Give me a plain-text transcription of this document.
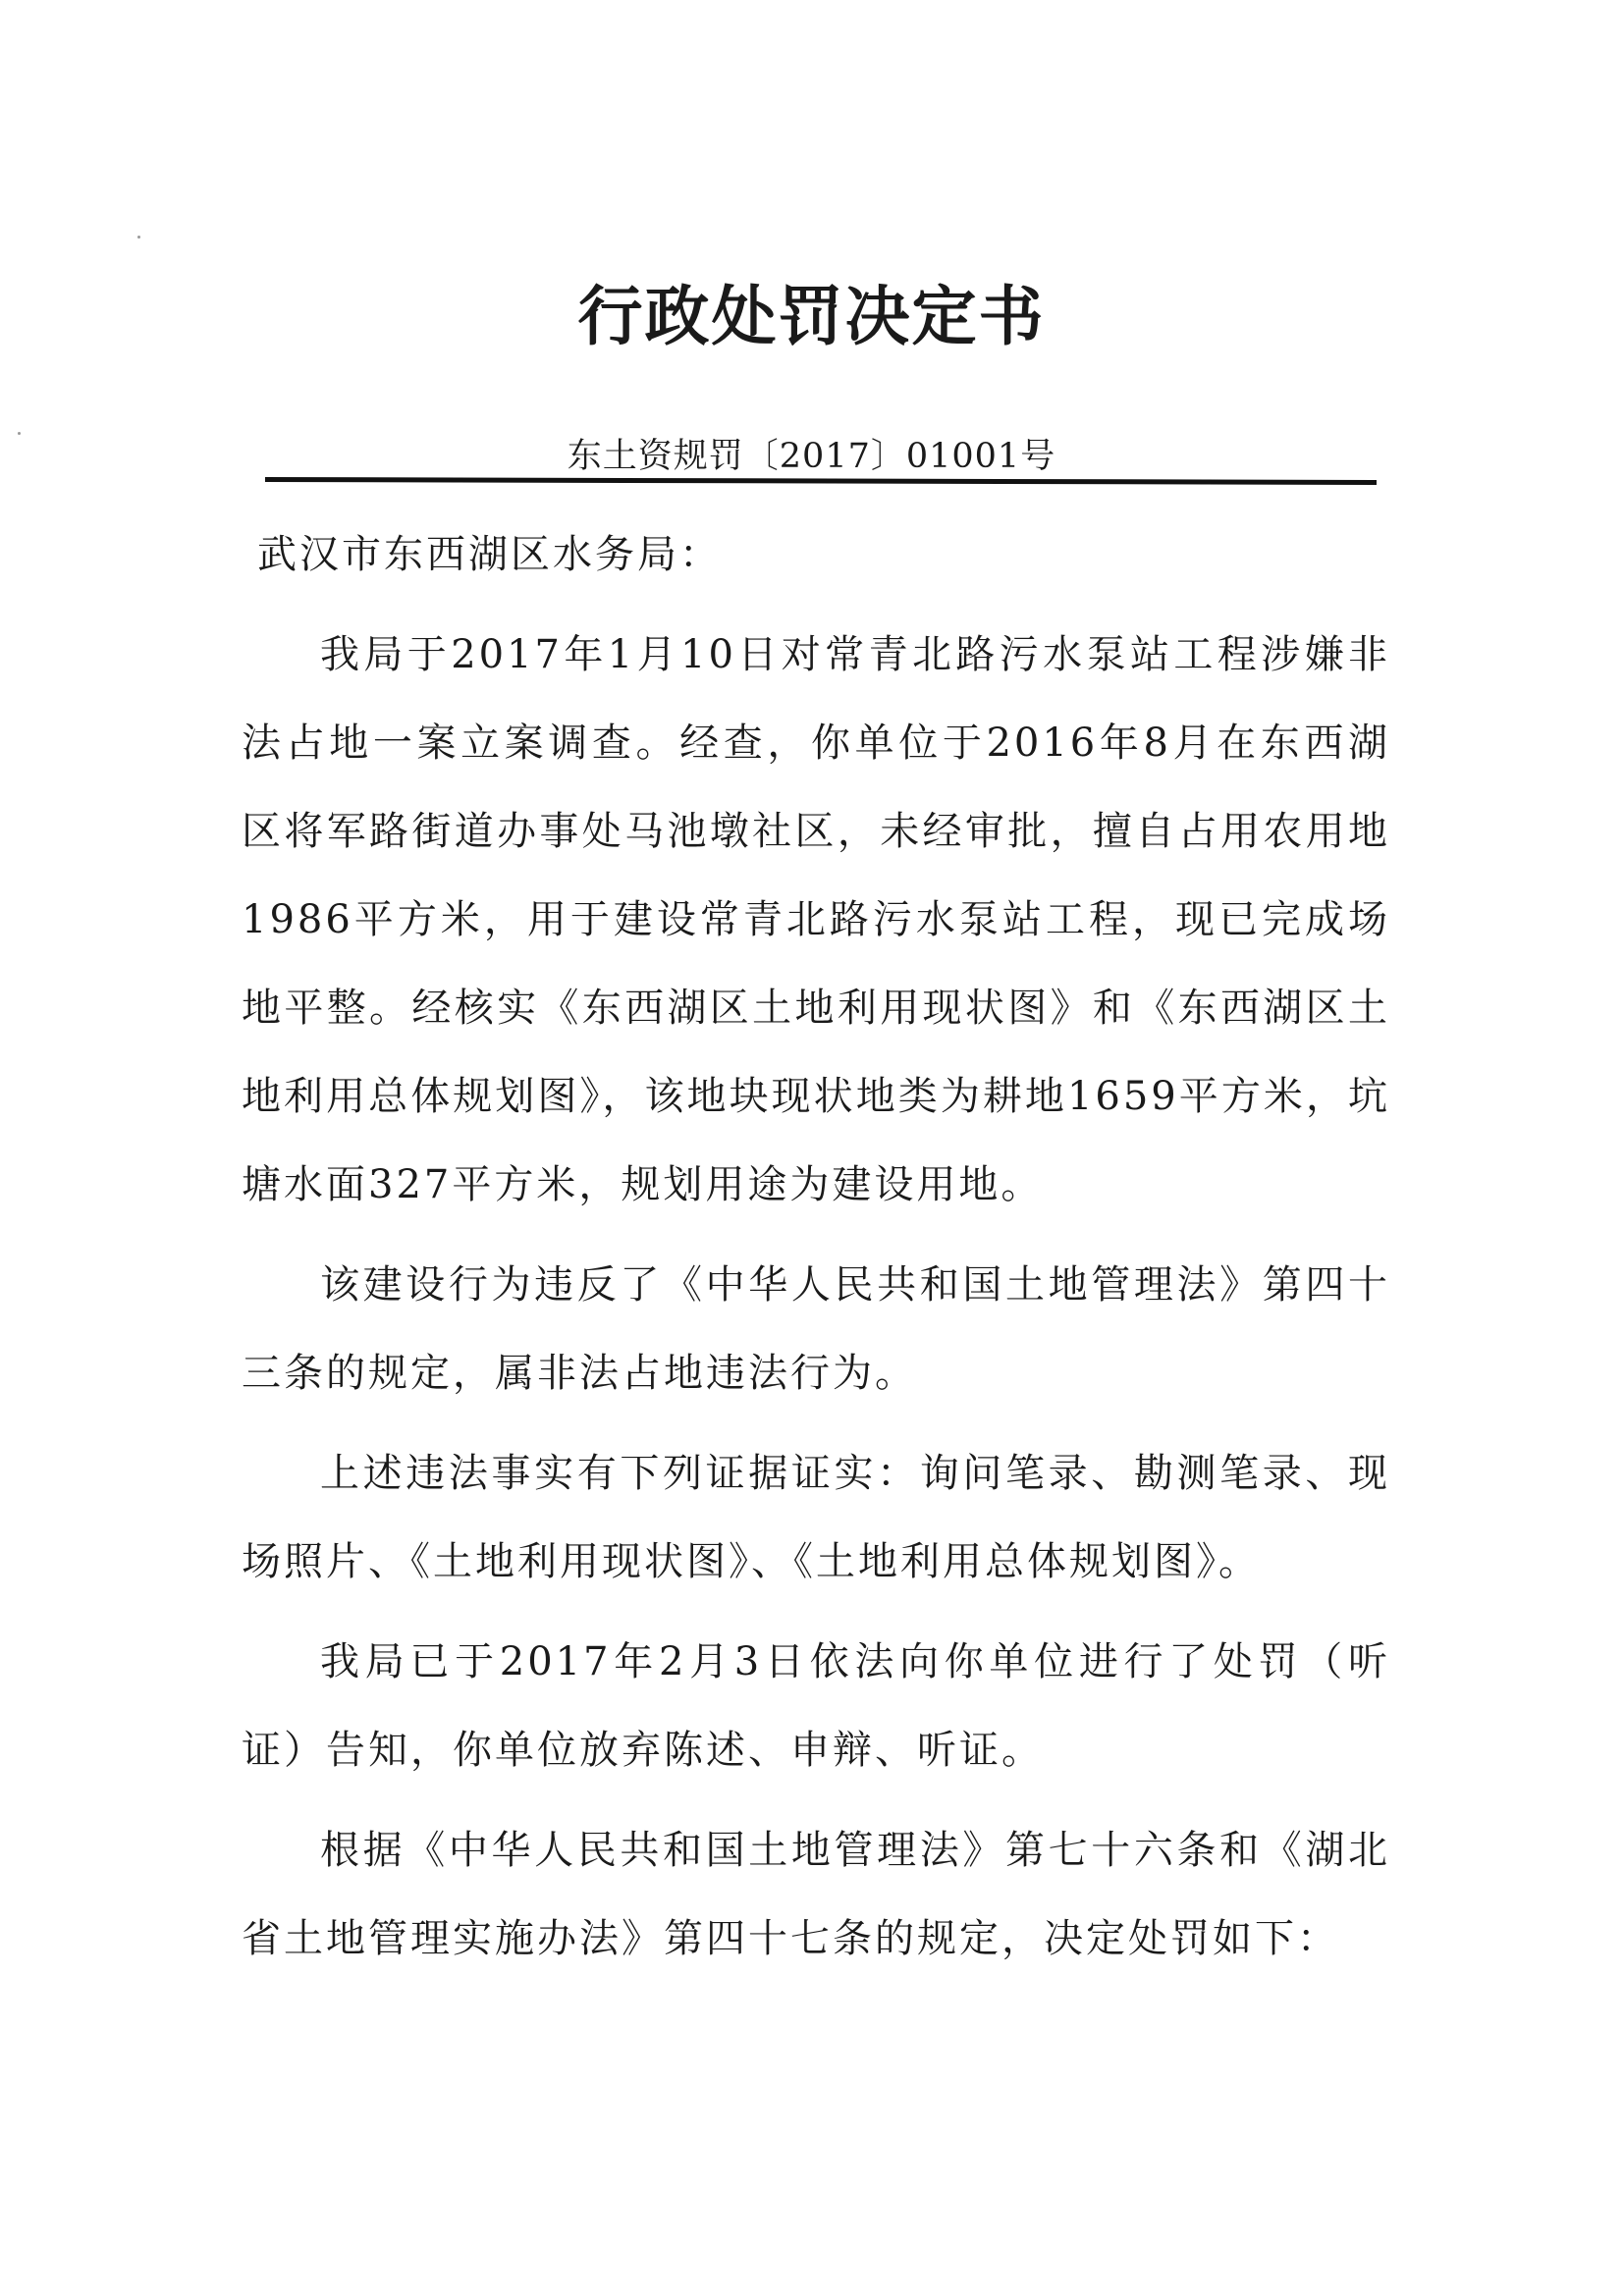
行政处罚决定书
东土资规罚〔2017〕01001号
武汉市东西湖区水务局：

我局于2017年1月10日对常青北路污水泵站工程涉嫌非法占地一案立案调查。经查，你单位于2016年8月在东西湖区将军路街道办事处马池墩社区，未经审批，擅自占用农用地1986平方米，用于建设常青北路污水泵站工程，现已完成场地平整。经核实《东西湖区土地利用现状图》和《东西湖区土地利用总体规划图》，该地块现状地类为耕地1659平方米，坑塘水面327平方米，规划用途为建设用地。

该建设行为违反了《中华人民共和国土地管理法》第四十三条的规定，属非法占地违法行为。

上述违法事实有下列证据证实：询问笔录、勘测笔录、现场照片、《土地利用现状图》、《土地利用总体规划图》。

我局已于2017年2月3日依法向你单位进行了处罚（听证）告知，你单位放弃陈述、申辩、听证。

根据《中华人民共和国土地管理法》第七十六条和《湖北省土地管理实施办法》第四十七条的规定，决定处罚如下：
